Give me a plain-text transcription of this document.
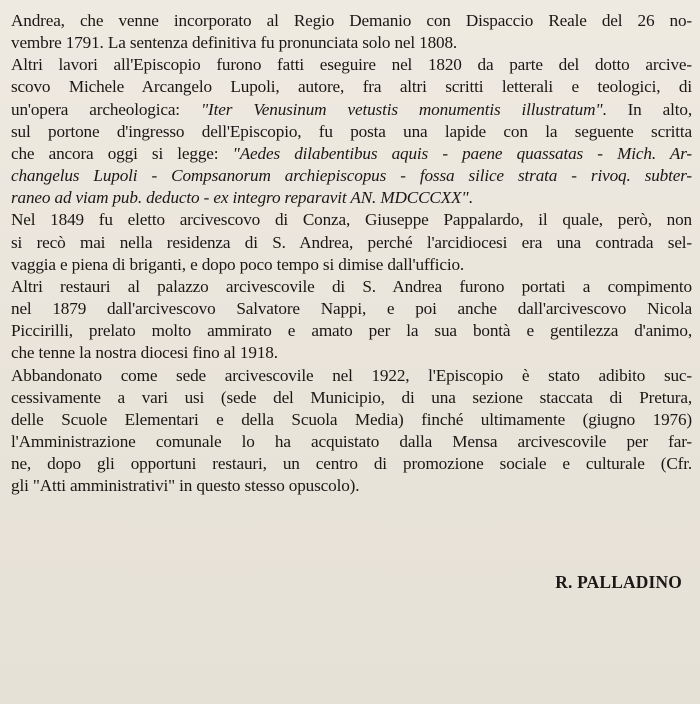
Andrea, che venne incorporato al Regio Demanio con Dispaccio Reale del 26 no-
vembre 1791. La sentenza definitiva fu pronunciata solo nel 1808.
Altri lavori all'Episcopio furono fatti eseguire nel 1820 da parte del dotto arcive-
scovo Michele Arcangelo Lupoli, autore, fra altri scritti letterali e teologici, di
un'opera archeologica: "Iter Venusinum vetustis monumentis illustratum". In alto,
sul portone d'ingresso dell'Episcopio, fu posta una lapide con la seguente scritta
che ancora oggi si legge: "Aedes dilabentibus aquis - paene quassatas - Mich. Ar-
changelus Lupoli - Compsanorum archiepiscopus - fossa silice strata - rivoq. subter-
raneo ad viam pub. deducto - ex integro reparavit AN. MDCCCXX".
Nel 1849 fu eletto arcivescovo di Conza, Giuseppe Pappalardo, il quale, però, non
si recò mai nella residenza di S. Andrea, perché l'arcidiocesi era una contrada sel-
vaggia e piena di briganti, e dopo poco tempo si dimise dall'ufficio.
Altri restauri al palazzo arcivescovile di S. Andrea furono portati a compimento
nel 1879 dall'arcivescovo Salvatore Nappi, e poi anche dall'arcivescovo Nicola
Piccirilli, prelato molto ammirato e amato per la sua bontà e gentilezza d'animo,
che tenne la nostra diocesi fino al 1918.
Abbandonato come sede arcivescovile nel 1922, l'Episcopio è stato adibito suc-
cessivamente a vari usi (sede del Municipio, di una sezione staccata di Pretura,
delle Scuole Elementari e della Scuola Media) finché ultimamente (giugno 1976)
l'Amministrazione comunale lo ha acquistato dalla Mensa arcivescovile per far-
ne, dopo gli opportuni restauri, un centro di promozione sociale e culturale (Cfr.
gli "Atti amministrativi" in questo stesso opuscolo).
R. PALLADINO
